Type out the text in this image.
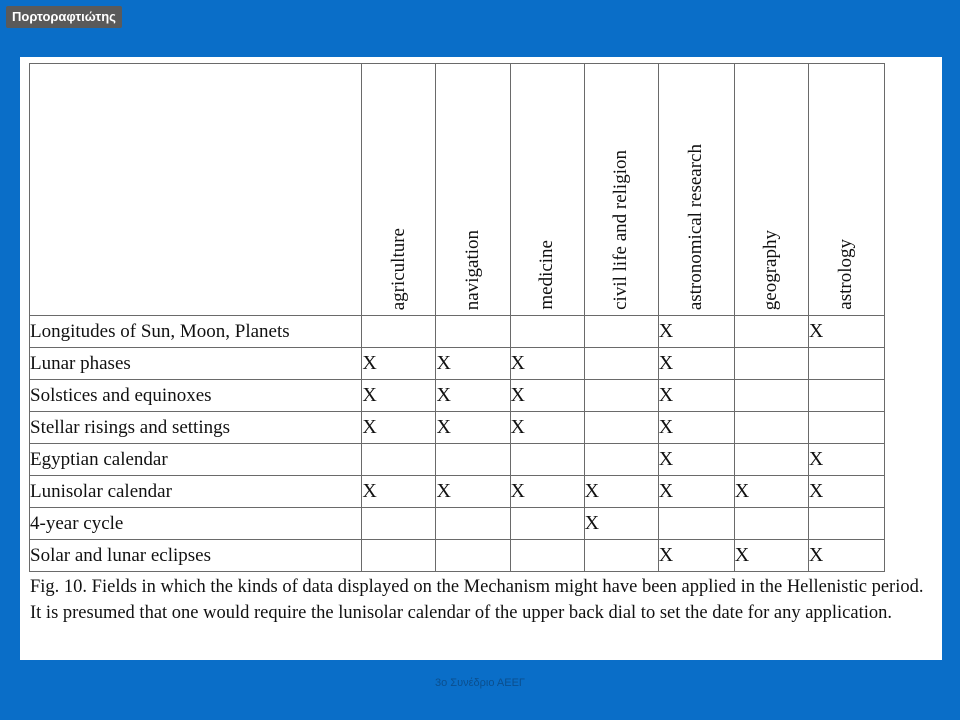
Πορτοραφτιώτης
	agriculture	navigation	medicine	civil life and religion	astronomical research	geography	astrology
Longitudes of Sun, Moon, Planets					X		X
Lunar phases	X	X	X		X		
Solstices and equinoxes	X	X	X		X		
Stellar risings and settings	X	X	X		X		
Egyptian calendar					X		X
Lunisolar calendar	X	X	X	X	X	X	X
4-year cycle				X			
Solar and lunar eclipses					X	X	X
Fig. 10. Fields in which the kinds of data displayed on the Mechanism might have been applied in the Hellenistic period. It is presumed that one would require the lunisolar calendar of the upper back dial to set the date for any application.
3ο Συνέδριο ΑΕΕΓ
